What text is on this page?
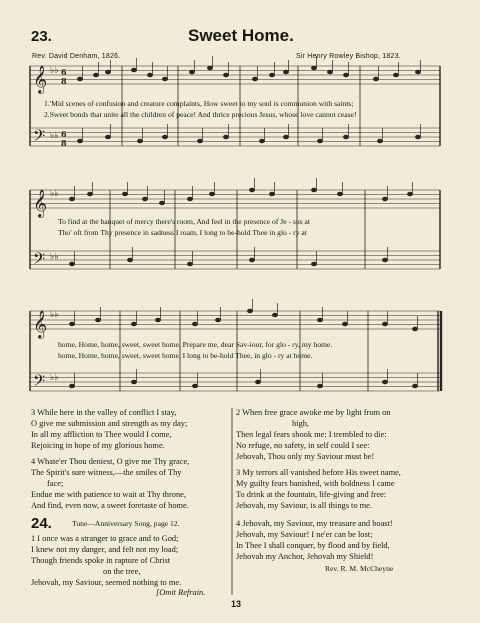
23.	Sweet Home.
Rev. David Denham, 1826.	Sir Henry Rowley Bishop, 1823.
𝄞
𝄞
𝄞
𝄢
𝄢
𝄢
♭♭
♭♭
♭♭
♭♭
♭♭
♭♭
6
8
6
8
1.'Mid scenes of confusion and creature complaints, How sweet to my soul is communion with saints;
2.Sweet bonds that unite all the children of peace! And thrice precious Jesus, whose love cannot cease!
To find at the banquet of mercy there's room, And feel in the presence of Je - sus at
Tho' oft from Thy presence in sadness I roam, I long to be-hold Thee in glo - ry at
home, Home, home, sweet, sweet home, Prepare me, dear Sav-iour, for glo - ry, my home.
home, Home, home, sweet, sweet home, I long to be-hold Thee, in glo - ry at home.
3 While here in the valley of conflict I stay,
O give me submission and strength as my day;
In all my affliction to Thee would I come,
Rejoicing in hope of my glorious home.
4 Whate'er Thou deniest, O give me Thy grace,
The Spirit's sure witness,—the smiles of Thy
face;
Endue me with patience to wait at Thy throne,
And find, even now, a sweet foretaste of home.
24.	Tune—Anniversary Song, page 12.
1 I once was a stranger to grace and to God;
I knew not my danger, and felt not my load;
Though friends spoke in rapture of Christ
on the tree,
Jehovah, my Saviour, seemed nothing to me.
[Omit Refrain.
2 When free grace awoke me by light from on
high,
Then legal fears shook me: I trembled to die:
No refuge, no safety, in self could I see:
Jehovah, Thou only my Saviour must be!
3 My terrors all vanished before His sweet name,
My guilty fears banished, with boldness I came
To drink at the fountain, life-giving and free:
Jehovah, my Saviour, is all things to me.
4 Jehovah, my Saviour, my treasure and boast!
Jehovah, my Saviour! I ne'er can be lost;
In Thee I shall conquer, by flood and by field,
Jehovah my Anchor, Jehovah my Shield!
Rev. R. M. McCheyne
13
